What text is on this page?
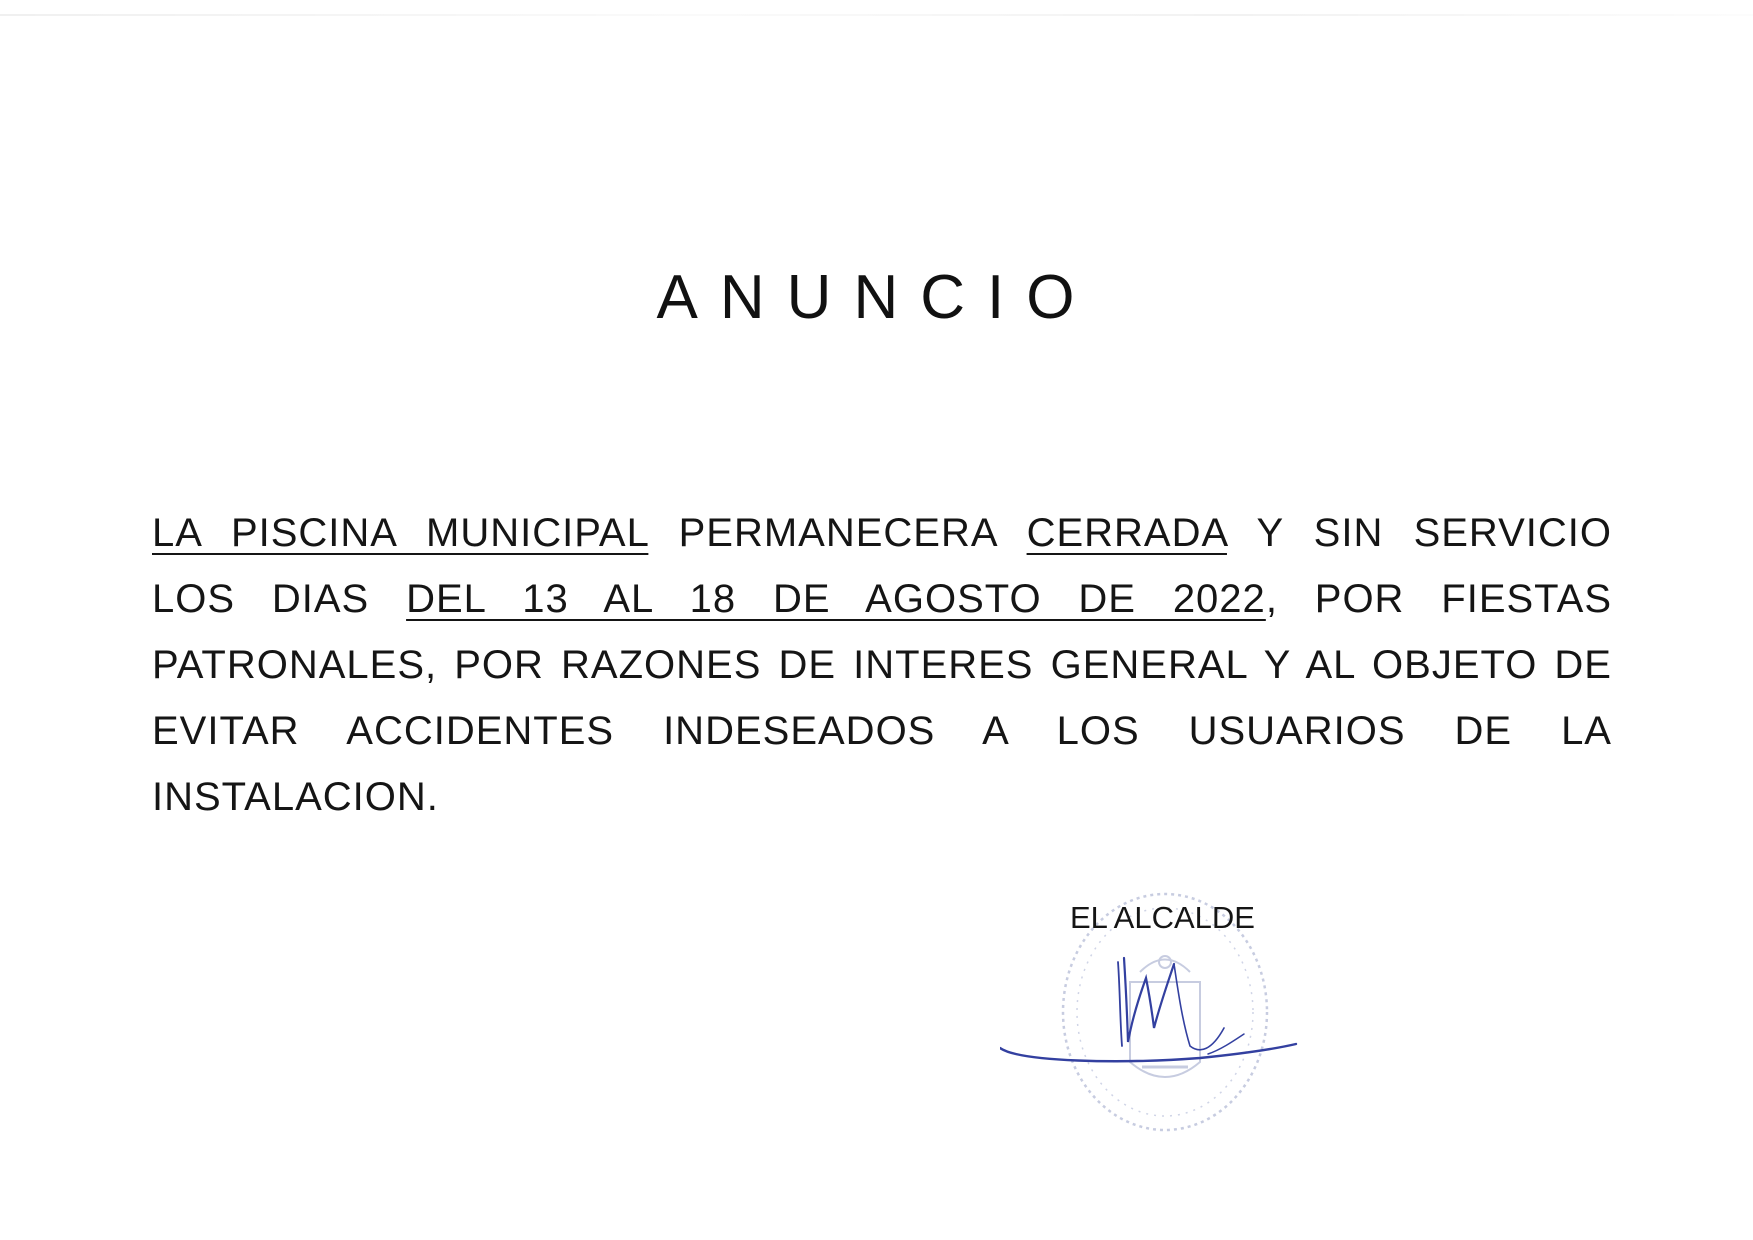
ANUNCIO
LA PISCINA MUNICIPAL PERMANECERA CERRADA Y SIN SERVICIO LOS DIAS DEL 13 AL 18 DE AGOSTO DE 2022, POR FIESTAS PATRONALES, POR RAZONES DE INTERES GENERAL Y AL OBJETO DE EVITAR ACCIDENTES INDESEADOS A LOS USUARIOS DE LA INSTALACION.
EL ALCALDE
